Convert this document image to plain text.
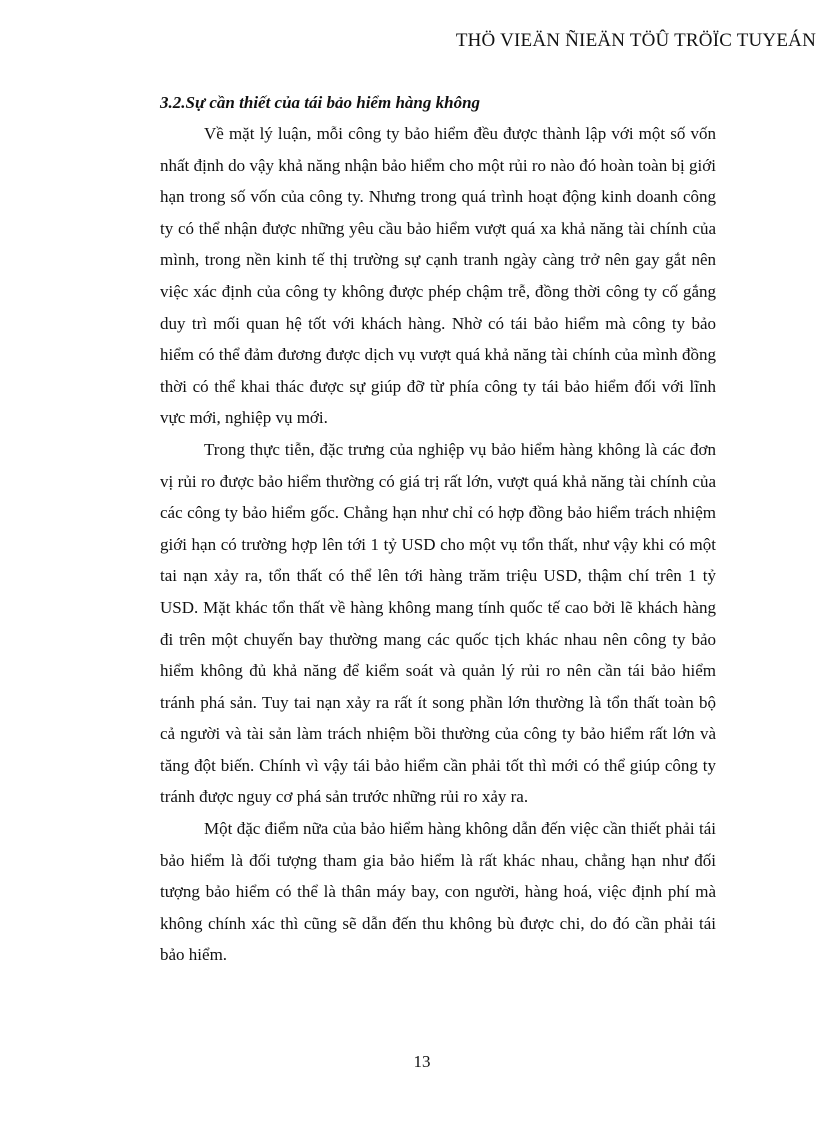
THÖ VIEÄN ÑIEÄN TÖÛ TRÖÏC TUYEÁN
3.2.Sự cần thiết của tái bảo hiểm hàng không

Về mặt lý luận, mỗi công ty bảo hiểm đều được thành lập với một số vốn nhất định do vậy khả năng nhận bảo hiểm cho một rủi ro nào đó hoàn toàn bị giới hạn trong số vốn của công ty. Nhưng trong quá trình hoạt động kinh doanh công ty có thể nhận được những yêu cầu bảo hiểm vượt quá xa khả năng tài chính của mình, trong nền kinh tế thị trường sự cạnh tranh ngày càng trở nên gay gắt nên việc xác định của công ty không được phép chậm trễ, đồng thời công ty cố gắng duy trì mối quan hệ tốt với khách hàng. Nhờ có tái bảo hiểm mà công ty bảo hiểm có thể đảm đương được dịch vụ vượt quá khả năng tài chính của mình đồng thời có thể khai thác được sự giúp đỡ từ phía công ty tái bảo hiểm đối với lĩnh vực mới, nghiệp vụ mới.

Trong thực tiễn, đặc trưng của nghiệp vụ bảo hiểm hàng không là các đơn vị rủi ro được bảo hiểm thường có giá trị rất lớn, vượt quá khả năng tài chính của các công ty bảo hiểm gốc. Chẳng hạn như chỉ có hợp đồng bảo hiểm trách nhiệm giới hạn có trường hợp lên tới 1 tỷ USD cho một vụ tổn thất, như vậy khi có một tai nạn xảy ra, tổn thất có thể lên tới hàng trăm triệu USD, thậm chí trên 1 tỷ USD. Mặt khác tổn thất về hàng không mang tính quốc tế cao bởi lẽ khách hàng đi trên một chuyến bay thường mang các quốc tịch khác nhau nên công ty bảo hiểm không đủ khả năng để kiểm soát và quản lý rủi ro nên cần tái bảo hiểm tránh phá sản. Tuy tai nạn xảy ra rất ít song phần lớn thường là tổn thất toàn bộ cả người và tài sản làm trách nhiệm bồi thường của công ty bảo hiểm rất lớn và tăng đột biến. Chính vì vậy tái bảo hiểm cần phải tốt thì mới có thể giúp công ty tránh được nguy cơ phá sản trước những rủi ro xảy ra.

Một đặc điểm nữa của bảo hiểm hàng không dẫn đến việc cần thiết phải tái bảo hiểm là đối tượng tham gia bảo hiểm là rất khác nhau, chẳng hạn như đối tượng bảo hiểm có thể là thân máy bay, con người, hàng hoá, việc định phí mà không chính xác thì cũng sẽ dẫn đến thu không bù được chi, do đó cần phải tái bảo hiểm.

13
